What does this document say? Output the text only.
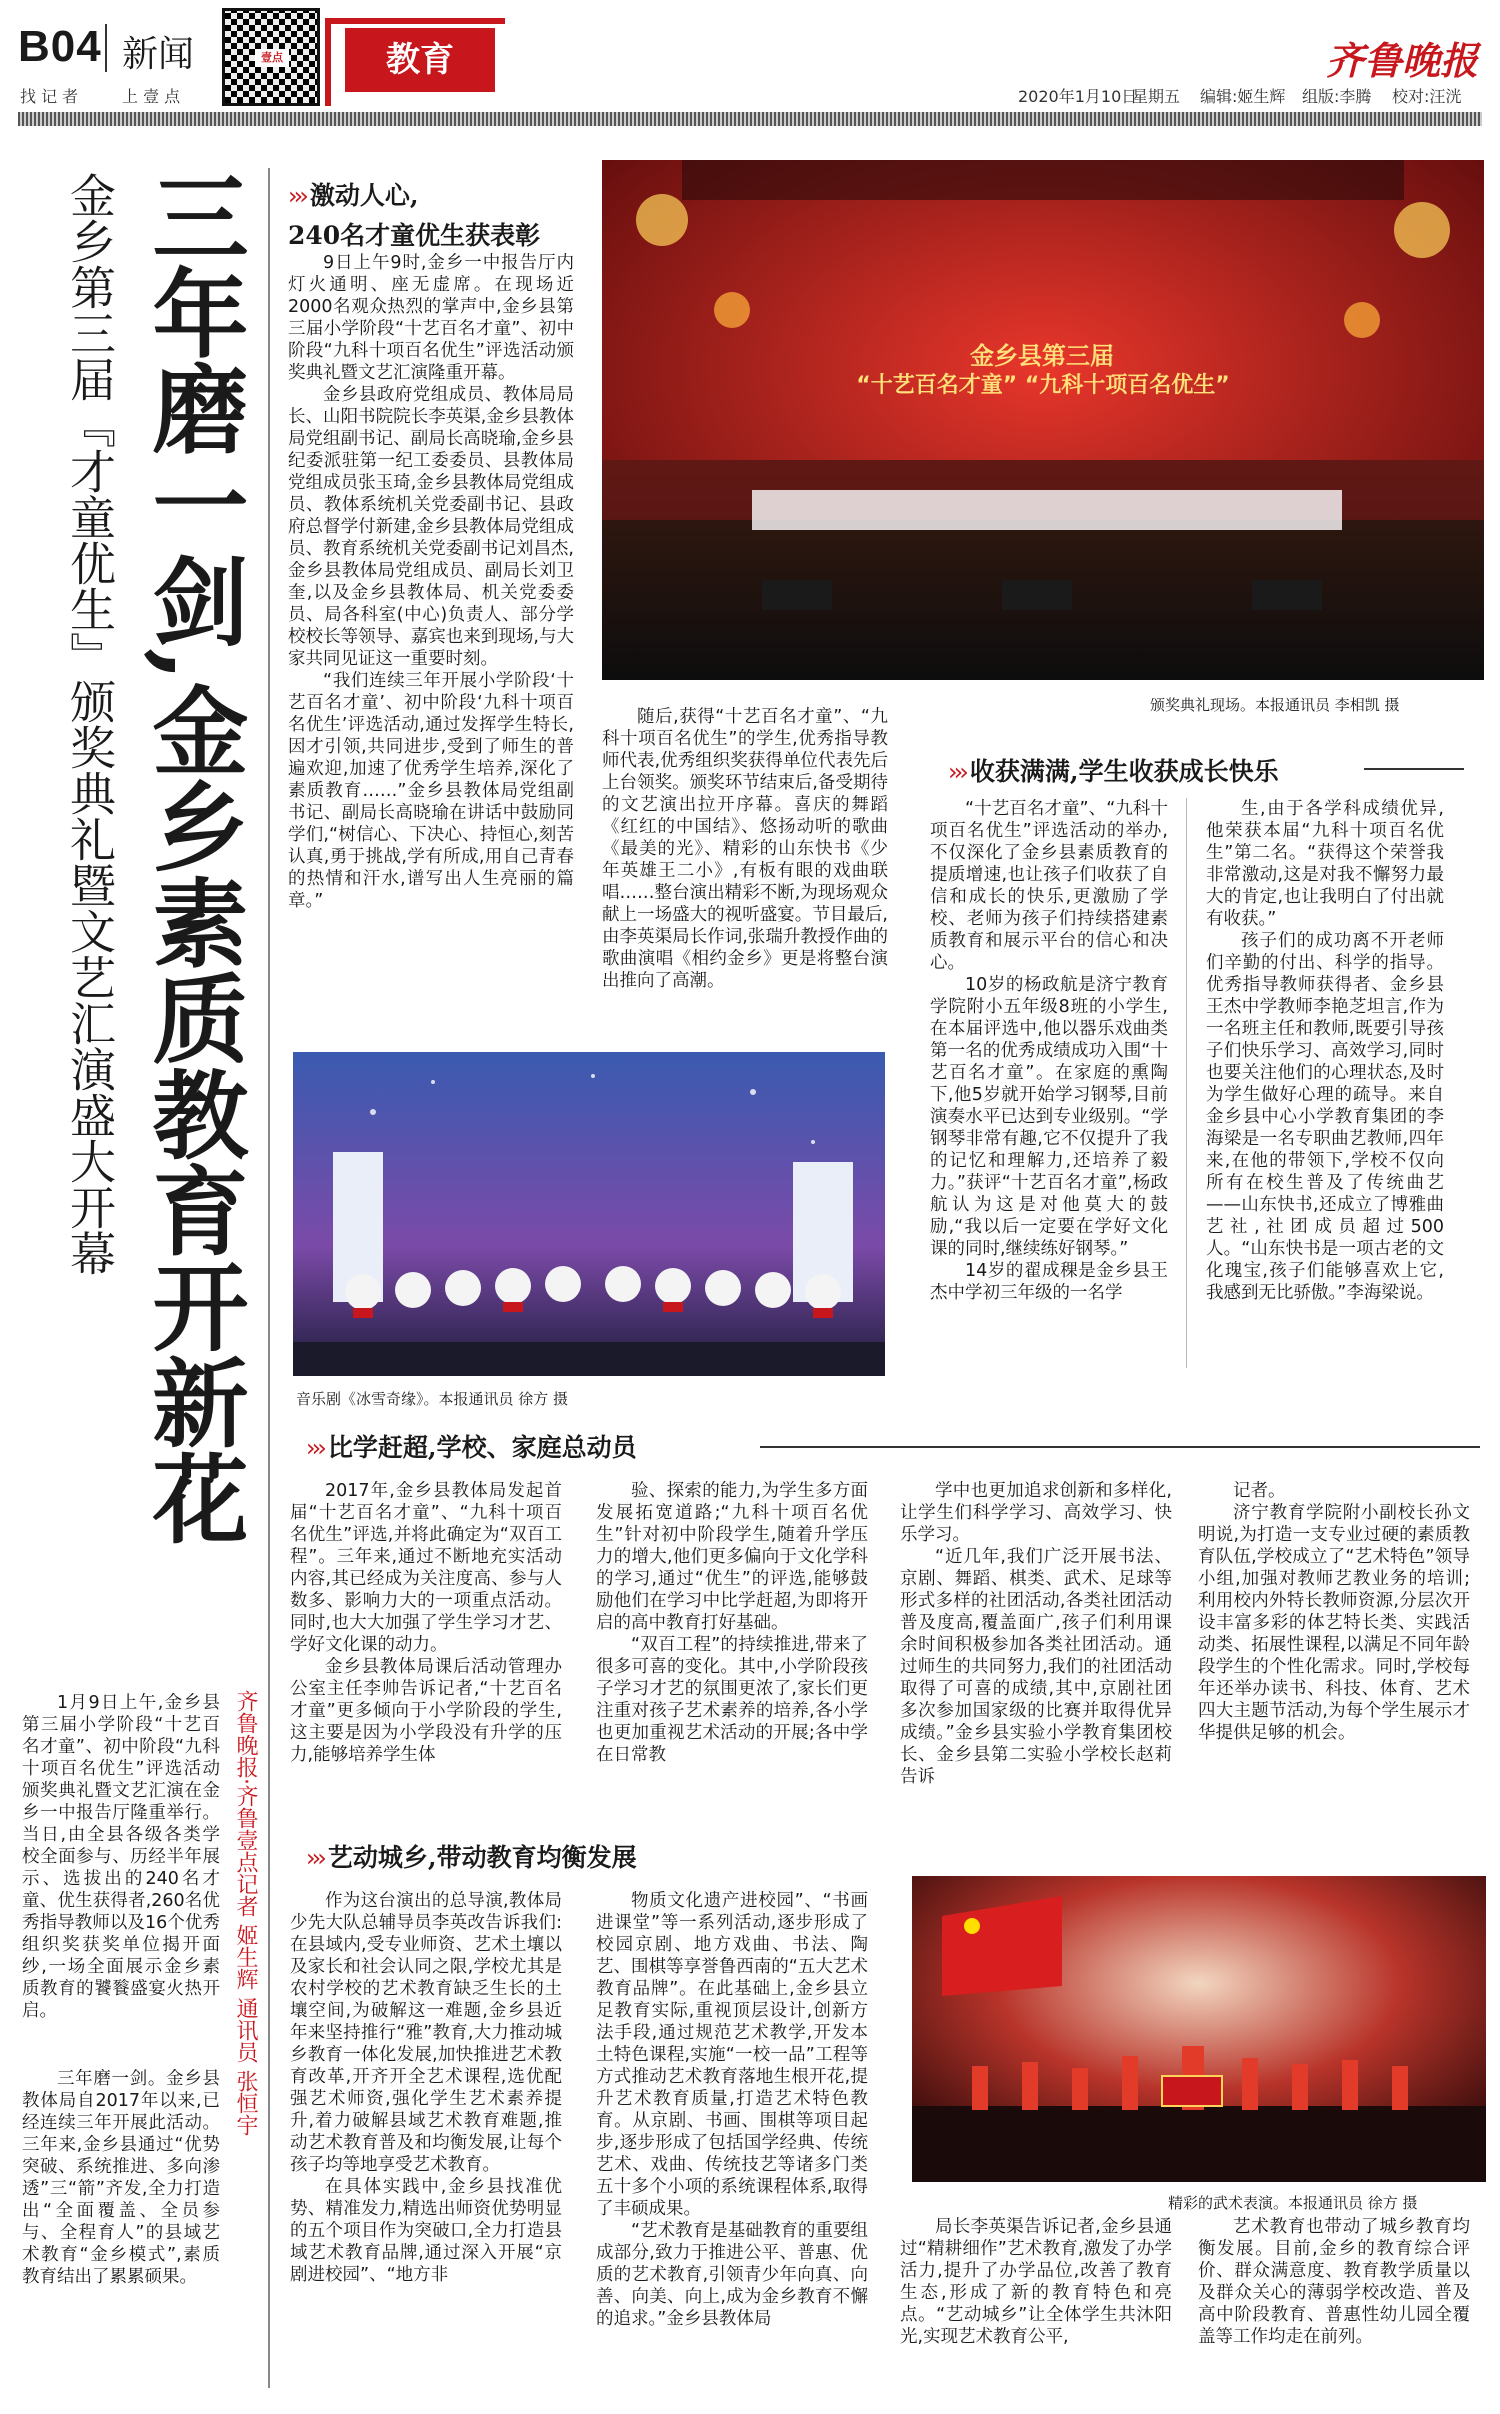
B04 新闻
找 记 者	上 壹 点
壹点	教育	齐鲁晚报
2020年1月10日
星期五 编辑:姬生辉 组版:李腾 校对:汪洸
三年磨一剑,金乡素质教育开新花
金乡第三届『才童优生』颁奖典礼暨文艺汇演盛大开幕

1月9日上午,金乡县第三届小学阶段“十艺百名才童”、初中阶段“九科十项百名优生”评选活动颁奖典礼暨文艺汇演在金乡一中报告厅隆重举行。当日,由全县各级各类学校全面参与、历经半年展示、选拔出的240名才童、优生获得者,260名优秀指导教师以及16个优秀组织奖获奖单位揭开面纱,一场全面展示金乡素质教育的饕餮盛宴火热开启。

三年磨一剑。金乡县教体局自2017年以来,已经连续三年开展此活动。三年来,金乡县通过“优势突破、系统推进、多向渗透”三“箭”齐发,全力打造出“全面覆盖、全员参与、全程育人”的县域艺术教育“金乡模式”,素质教育结出了累累硕果。

齐鲁晚报·齐鲁壹点记者 姬生辉 通讯员 张恒宇
››› 激动人心,
240名才童优生获表彰

9日上午9时,金乡一中报告厅内灯火通明、座无虚席。在现场近2000名观众热烈的掌声中,金乡县第三届小学阶段“十艺百名才童”、初中阶段“九科十项百名优生”评选活动颁奖典礼暨文艺汇演隆重开幕。

金乡县政府党组成员、教体局局长、山阳书院院长李英渠,金乡县教体局党组副书记、副局长高晓瑜,金乡县纪委派驻第一纪工委委员、县教体局党组成员张玉琦,金乡县教体局党组成员、教体系统机关党委副书记、县政府总督学付新建,金乡县教体局党组成员、教育系统机关党委副书记刘昌杰,金乡县教体局党组成员、副局长刘卫奎,以及金乡县教体局、机关党委委员、局各科室(中心)负责人、部分学校校长等领导、嘉宾也来到现场,与大家共同见证这一重要时刻。

“我们连续三年开展小学阶段‘十艺百名才童’、初中阶段‘九科十项百名优生’评选活动,通过发挥学生特长,因才引领,共同进步,受到了师生的普遍欢迎,加速了优秀学生培养,深化了素质教育……”金乡县教体局党组副书记、副局长高晓瑜在讲话中鼓励同学们,“树信心、下决心、持恒心,刻苦认真,勇于挑战,学有所成,用自己青春的热情和汗水,谱写出人生亮丽的篇章。”

金乡县第三届
“十艺百名才童” “九科十项百名优生”
颁奖典礼现场。本报通讯员 李相凯 摄

随后,获得“十艺百名才童”、“九科十项百名优生”的学生,优秀指导教师代表,优秀组织奖获得单位代表先后上台领奖。颁奖环节结束后,备受期待的文艺演出拉开序幕。喜庆的舞蹈《红红的中国结》、悠扬动听的歌曲《最美的光》、精彩的山东快书《少年英雄王二小》,有板有眼的戏曲联唱……整台演出精彩不断,为现场观众献上一场盛大的视听盛宴。节目最后,由李英渠局长作词,张瑞升教授作曲的歌曲演唱《相约金乡》更是将整台演出推向了高潮。

››› 收获满满,学生收获成长快乐

“十艺百名才童”、“九科十项百名优生”评选活动的举办,不仅深化了金乡县素质教育的提质增速,也让孩子们收获了自信和成长的快乐,更激励了学校、老师为孩子们持续搭建素质教育和展示平台的信心和决心。

10岁的杨政航是济宁教育学院附小五年级8班的小学生,在本届评选中,他以器乐戏曲类第一名的优秀成绩成功入围“十艺百名才童”。在家庭的熏陶下,他5岁就开始学习钢琴,目前演奏水平已达到专业级别。“学钢琴非常有趣,它不仅提升了我的记忆和理解力,还培养了毅力。”获评“十艺百名才童”,杨政航认为这是对他莫大的鼓励,“我以后一定要在学好文化课的同时,继续练好钢琴。”

14岁的翟成稞是金乡县王杰中学初三年级的一名学

生,由于各学科成绩优异,他荣获本届“九科十项百名优生”第二名。“获得这个荣誉我非常激动,这是对我不懈努力最大的肯定,也让我明白了付出就有收获。”

孩子们的成功离不开老师们辛勤的付出、科学的指导。优秀指导教师获得者、金乡县王杰中学教师李艳芝坦言,作为一名班主任和教师,既要引导孩子们快乐学习、高效学习,同时也要关注他们的心理状态,及时为学生做好心理的疏导。来自金乡县中心小学教育集团的李海梁是一名专职曲艺教师,四年来,在他的带领下,学校不仅向所有在校生普及了传统曲艺——山东快书,还成立了博雅曲艺社,社团成员超过500人。“山东快书是一项古老的文化瑰宝,孩子们能够喜欢上它,我感到无比骄傲。”李海梁说。

音乐剧《冰雪奇缘》。本报通讯员 徐方 摄
››› 比学赶超,学校、家庭总动员

2017年,金乡县教体局发起首届“十艺百名才童”、“九科十项百名优生”评选,并将此确定为“双百工程”。三年来,通过不断地充实活动内容,其已经成为关注度高、参与人数多、影响力大的一项重点活动。同时,也大大加强了学生学习才艺、学好文化课的动力。

金乡县教体局课后活动管理办公室主任李帅告诉记者,“十艺百名才童”更多倾向于小学阶段的学生,这主要是因为小学段没有升学的压力,能够培养学生体

验、探索的能力,为学生多方面发展拓宽道路;“九科十项百名优生”针对初中阶段学生,随着升学压力的增大,他们更多偏向于文化学科的学习,通过“优生”的评选,能够鼓励他们在学习中比学赶超,为即将开启的高中教育打好基础。

“双百工程”的持续推进,带来了很多可喜的变化。其中,小学阶段孩子学习才艺的氛围更浓了,家长们更注重对孩子艺术素养的培养,各小学也更加重视艺术活动的开展;各中学在日常教

学中也更加追求创新和多样化,让学生们科学学习、高效学习、快乐学习。

“近几年,我们广泛开展书法、京剧、舞蹈、棋类、武术、足球等形式多样的社团活动,各类社团活动普及度高,覆盖面广,孩子们利用课余时间积极参加各类社团活动。通过师生的共同努力,我们的社团活动取得了可喜的成绩,其中,京剧社团多次参加国家级的比赛并取得优异成绩。”金乡县实验小学教育集团校长、金乡县第二实验小学校长赵莉告诉

记者。

济宁教育学院附小副校长孙文明说,为打造一支专业过硬的素质教育队伍,学校成立了“艺术特色”领导小组,加强对教师艺教业务的培训;利用校内外特长教师资源,分层次开设丰富多彩的体艺特长类、实践活动类、拓展性课程,以满足不同年龄段学生的个性化需求。同时,学校每年还举办读书、科技、体育、艺术四大主题节活动,为每个学生展示才华提供足够的机会。

››› 艺动城乡,带动教育均衡发展

作为这台演出的总导演,教体局少先大队总辅导员李英改告诉我们:在县域内,受专业师资、艺术土壤以及家长和社会认同之限,学校尤其是农村学校的艺术教育缺乏生长的土壤空间,为破解这一难题,金乡县近年来坚持推行“雅”教育,大力推动城乡教育一体化发展,加快推进艺术教育改革,开齐开全艺术课程,选优配强艺术师资,强化学生艺术素养提升,着力破解县域艺术教育难题,推动艺术教育普及和均衡发展,让每个孩子均等地享受艺术教育。

在具体实践中,金乡县找准优势、精准发力,精选出师资优势明显的五个项目作为突破口,全力打造县域艺术教育品牌,通过深入开展“京剧进校园”、“地方非

物质文化遗产进校园”、“书画进课堂”等一系列活动,逐步形成了校园京剧、地方戏曲、书法、陶艺、围棋等享誉鲁西南的“五大艺术教育品牌”。在此基础上,金乡县立足教育实际,重视顶层设计,创新方法手段,通过规范艺术教学,开发本土特色课程,实施“一校一品”工程等方式推动艺术教育落地生根开花,提升艺术教育质量,打造艺术特色教育。从京剧、书画、围棋等项目起步,逐步形成了包括国学经典、传统艺术、戏曲、传统技艺等诸多门类五十多个小项的系统课程体系,取得了丰硕成果。

“艺术教育是基础教育的重要组成部分,致力于推进公平、普惠、优质的艺术教育,引领青少年向真、向善、向美、向上,成为金乡教育不懈的追求。”金乡县教体局

精彩的武术表演。本报通讯员 徐方 摄

局长李英渠告诉记者,金乡县通过“精耕细作”艺术教育,激发了办学活力,提升了办学品位,改善了教育生态,形成了新的教育特色和亮点。“艺动城乡”让全体学生共沐阳光,实现艺术教育公平,

艺术教育也带动了城乡教育均衡发展。目前,金乡的教育综合评价、群众满意度、教育教学质量以及群众关心的薄弱学校改造、普及高中阶段教育、普惠性幼儿园全覆盖等工作均走在前列。
